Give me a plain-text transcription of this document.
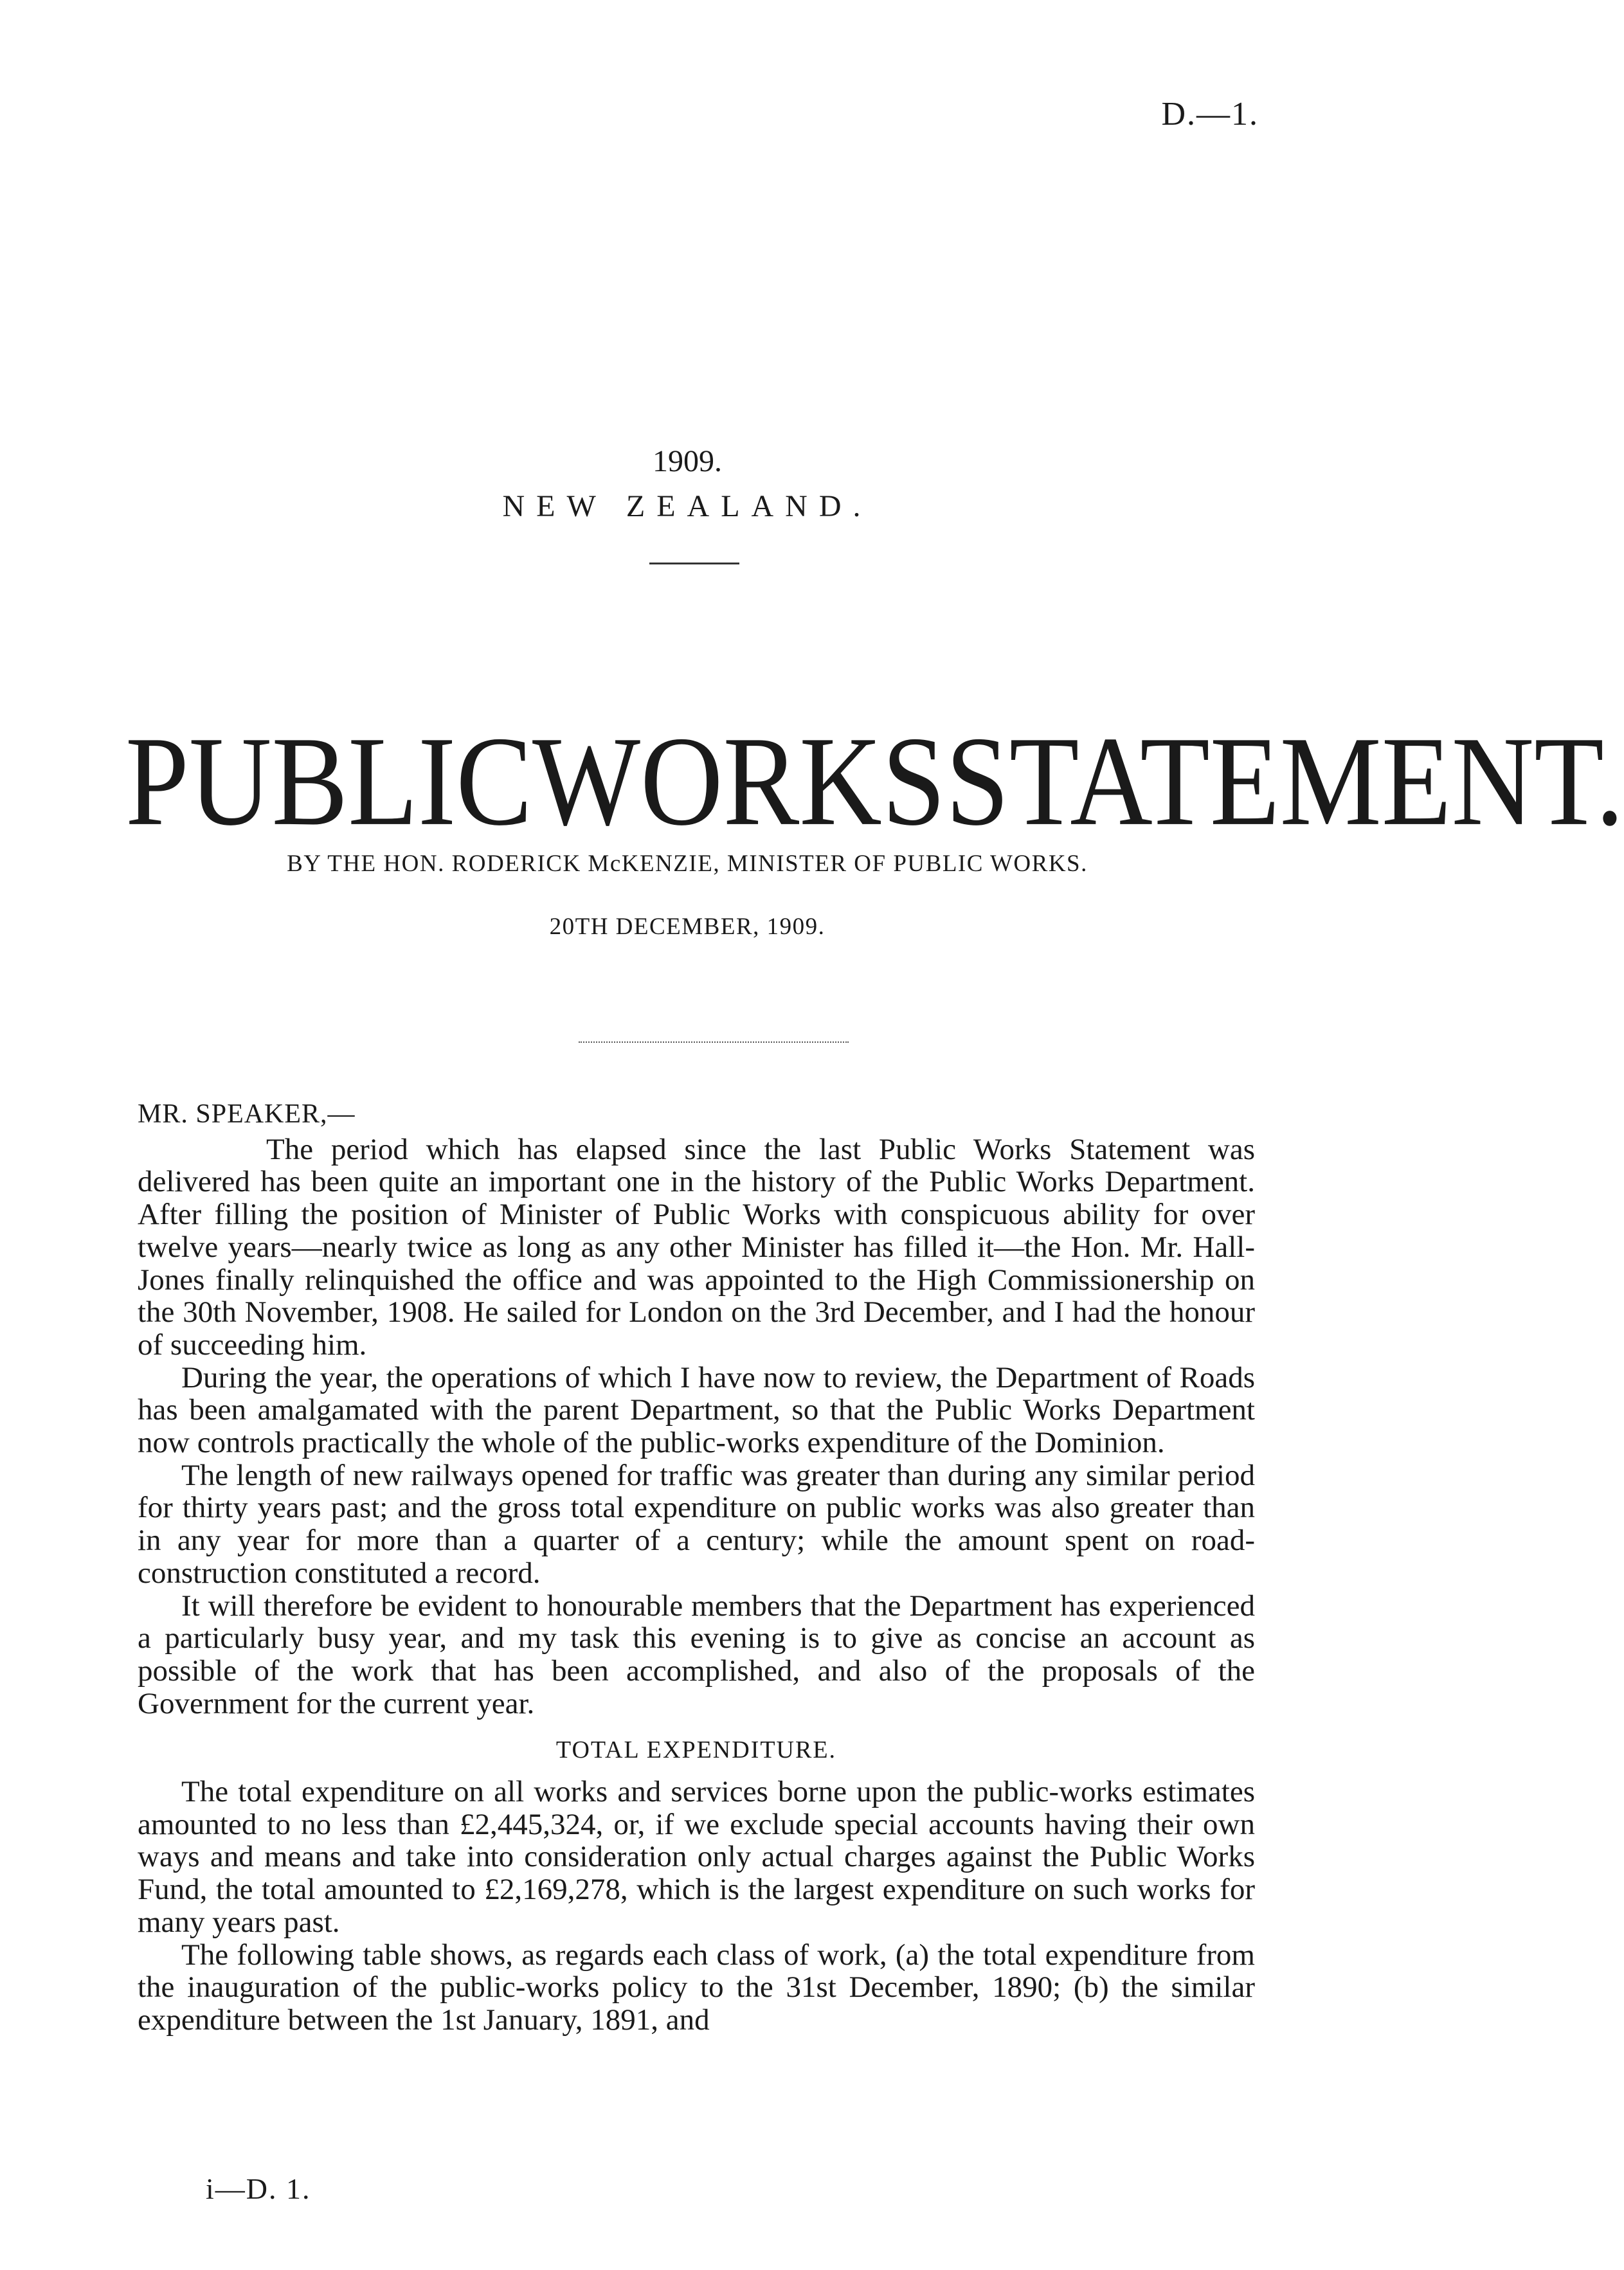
D.—1.
1909.
NEW ZEALAND.
PUBLIC WORKS STATEMENT.
BY THE HON. RODERICK McKENZIE, MINISTER OF PUBLIC WORKS.
20TH DECEMBER, 1909.
MR. SPEAKER,—

The period which has elapsed since the last Public Works Statement was delivered has been quite an important one in the history of the Public Works Department. After filling the position of Minister of Public Works with conspicuous ability for over twelve years—nearly twice as long as any other Minister has filled it—the Hon. Mr. Hall-Jones finally relinquished the office and was appointed to the High Commissionership on the 30th November, 1908. He sailed for London on the 3rd December, and I had the honour of succeeding him.

During the year, the operations of which I have now to review, the Department of Roads has been amalgamated with the parent Department, so that the Public Works Department now controls practically the whole of the public-works expenditure of the Dominion.

The length of new railways opened for traffic was greater than during any similar period for thirty years past; and the gross total expenditure on public works was also greater than in any year for more than a quarter of a century; while the amount spent on road-construction constituted a record.

It will therefore be evident to honourable members that the Department has experienced a particularly busy year, and my task this evening is to give as concise an account as possible of the work that has been accomplished, and also of the proposals of the Government for the current year.

TOTAL EXPENDITURE.

The total expenditure on all works and services borne upon the public-works estimates amounted to no less than £2,445,324, or, if we exclude special accounts having their own ways and means and take into consideration only actual charges against the Public Works Fund, the total amounted to £2,169,278, which is the largest expenditure on such works for many years past.

The following table shows, as regards each class of work, (a) the total expenditure from the inauguration of the public-works policy to the 31st December, 1890; (b) the similar expenditure between the 1st January, 1891, and

i—D. 1.
